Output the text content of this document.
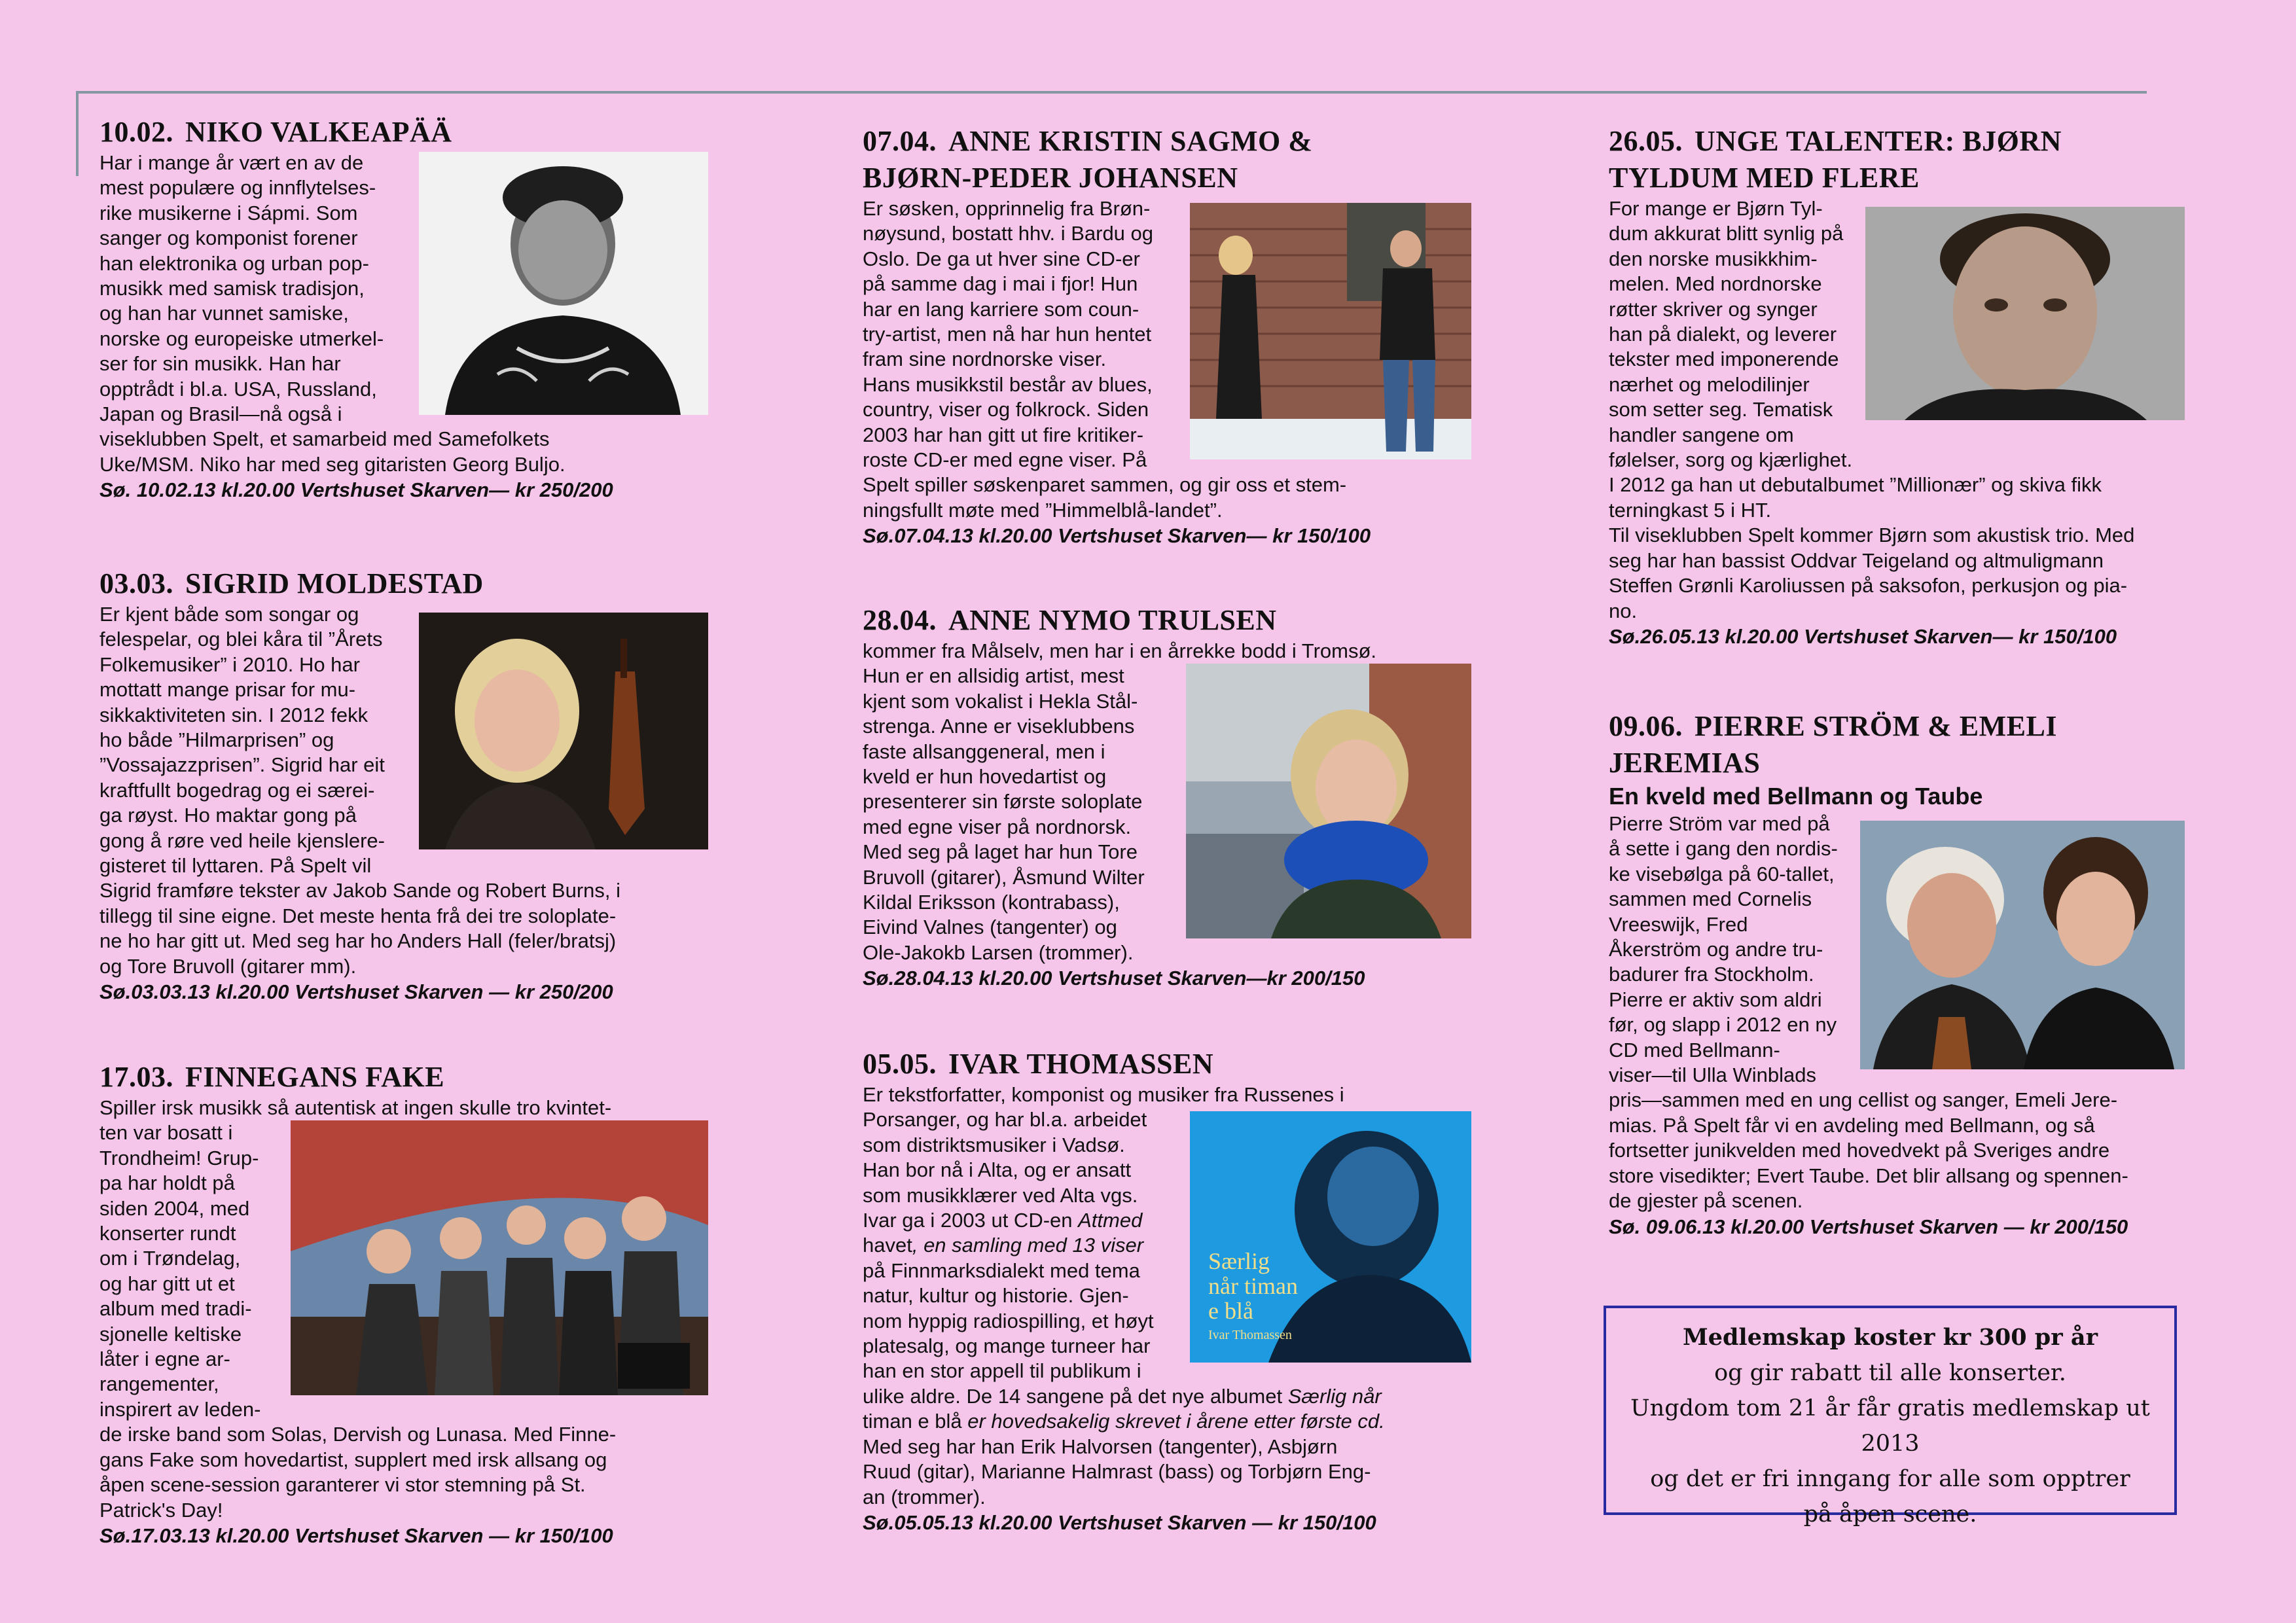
10.02. NIKO VALKEAPÄÄ

Har i mange år vært en av de

mest populære og innflytelses-

rike musikerne i Sápmi. Som

sanger og komponist forener

han elektronika og urban pop-

musikk med samisk tradisjon,

og han har vunnet samiske,

norske og europeiske utmerkel-

ser for sin musikk. Han har

opptrådt i bl.a. USA, Russland,

Japan og Brasil—nå også i

viseklubben Spelt, et samarbeid med Samefolkets

Uke/MSM. Niko har med seg gitaristen Georg Buljo.

Sø. 10.02.13 kl.20.00 Vertshuset Skarven— kr 250/200
03.03. SIGRID MOLDESTAD

Er kjent både som songar og

felespelar, og blei kåra til ”Årets

Folkemusiker” i 2010. Ho har

mottatt mange prisar for mu-

sikkaktiviteten sin. I 2012 fekk

ho både ”Hilmarprisen” og

”Vossajazzprisen”. Sigrid har eit

kraftfullt bogedrag og ei særei-

ga røyst. Ho maktar gong på

gong å røre ved heile kjenslere-

gisteret til lyttaren. På Spelt vil

Sigrid framføre tekster av Jakob Sande og Robert Burns, i

tillegg til sine eigne. Det meste henta frå dei tre soloplate-

ne ho har gitt ut. Med seg har ho Anders Hall (feler/bratsj)

og Tore Bruvoll (gitarer mm).

Sø.03.03.13 kl.20.00 Vertshuset Skarven — kr 250/200
17.03. FINNEGANS FAKE

Spiller irsk musikk så autentisk at ingen skulle tro kvintet-

ten var bosatt i

Trondheim! Grup-

pa har holdt på

siden 2004, med

konserter rundt

om i Trøndelag,

og har gitt ut et

album med tradi-

sjonelle keltiske

låter i egne ar-

rangementer,

inspirert av leden-

de irske band som Solas, Dervish og Lunasa. Med Finne-

gans Fake som hovedartist, supplert med irsk allsang og

åpen scene-session garanterer vi stor stemning på St.

Patrick's Day!

Sø.17.03.13 kl.20.00 Vertshuset Skarven — kr 150/100
07.04. ANNE KRISTIN SAGMO &
BJØRN-PEDER JOHANSEN

Er søsken, opprinnelig fra Brøn-

nøysund, bostatt hhv. i Bardu og

Oslo. De ga ut hver sine CD-er

på samme dag i mai i fjor! Hun

har en lang karriere som coun-

try-artist, men nå har hun hentet

fram sine nordnorske viser.

Hans musikkstil består av blues,

country, viser og folkrock. Siden

2003 har han gitt ut fire kritiker-

roste CD-er med egne viser. På

Spelt spiller søskenparet sammen, og gir oss et stem-

ningsfullt møte med ”Himmelblå-landet”.

Sø.07.04.13 kl.20.00 Vertshuset Skarven— kr 150/100
28.04. ANNE NYMO TRULSEN

kommer fra Målselv, men har i en årrekke bodd i Tromsø.

Hun er en allsidig artist, mest

kjent som vokalist i Hekla Stål-

strenga. Anne er viseklubbens

faste allsanggeneral, men i

kveld er hun hovedartist og

presenterer sin første soloplate

med egne viser på nordnorsk.

Med seg på laget har hun Tore

Bruvoll (gitarer), Åsmund Wilter

Kildal Eriksson (kontrabass),

Eivind Valnes (tangenter) og

Ole-Jakokb Larsen (trommer).

Sø.28.04.13 kl.20.00 Vertshuset Skarven—kr 200/150
05.05. IVAR THOMASSEN

Er tekstforfatter, komponist og musiker fra Russenes i

Særlig
når timan
e blå
Ivar Thomassen

Porsanger, og har bl.a. arbeidet

som distriktsmusiker i Vadsø.

Han bor nå i Alta, og er ansatt

som musikklærer ved Alta vgs.

Ivar ga i 2003 ut CD-en Attmed

havet, en samling med 13 viser

på Finnmarksdialekt med tema

natur, kultur og historie. Gjen-

nom hyppig radiospilling, et høyt

platesalg, og mange turneer har

han en stor appell til publikum i

ulike aldre. De 14 sangene på det nye albumet Særlig når

timan e blå er hovedsakelig skrevet i årene etter første cd.

Med seg har han Erik Halvorsen (tangenter), Asbjørn

Ruud (gitar), Marianne Halmrast (bass) og Torbjørn Eng-

an (trommer).

Sø.05.05.13 kl.20.00 Vertshuset Skarven — kr 150/100
26.05. UNGE TALENTER: BJØRN
TYLDUM MED FLERE

For mange er Bjørn Tyl-

dum akkurat blitt synlig på

den norske musikkhim-

melen. Med nordnorske

røtter skriver og synger

han på dialekt, og leverer

tekster med imponerende

nærhet og melodilinjer

som setter seg. Tematisk

handler sangene om

følelser, sorg og kjærlighet.

I 2012 ga han ut debutalbumet ”Millionær” og skiva fikk

terningkast 5 i HT.

Til viseklubben Spelt kommer Bjørn som akustisk trio. Med

seg har han bassist Oddvar Teigeland og altmuligmann

Steffen Grønli Karoliussen på saksofon, perkusjon og pia-

no.

Sø.26.05.13 kl.20.00 Vertshuset Skarven— kr 150/100
09.06. PIERRE STRÖM & EMELI JEREMIAS
En kveld med Bellmann og Taube

Pierre Ström var med på

å sette i gang den nordis-

ke visebølga på 60-tallet,

sammen med Cornelis

Vreeswijk, Fred

Åkerström og andre tru-

badurer fra Stockholm.

Pierre er aktiv som aldri

før, og slapp i 2012 en ny

CD med Bellmann-

viser—til Ulla Winblads

pris—sammen med en ung cellist og sanger, Emeli Jere-

mias. På Spelt får vi en avdeling med Bellmann, og så

fortsetter junikvelden med hovedvekt på Sveriges andre

store visedikter; Evert Taube. Det blir allsang og spennen-

de gjester på scenen.

Sø. 09.06.13 kl.20.00 Vertshuset Skarven — kr 200/150
Medlemskap koster kr 300 pr år
og gir rabatt til alle konserter.
Ungdom tom 21 år får gratis medlemskap ut 2013
og det er fri inngang for alle som opptrer
på åpen scene.
